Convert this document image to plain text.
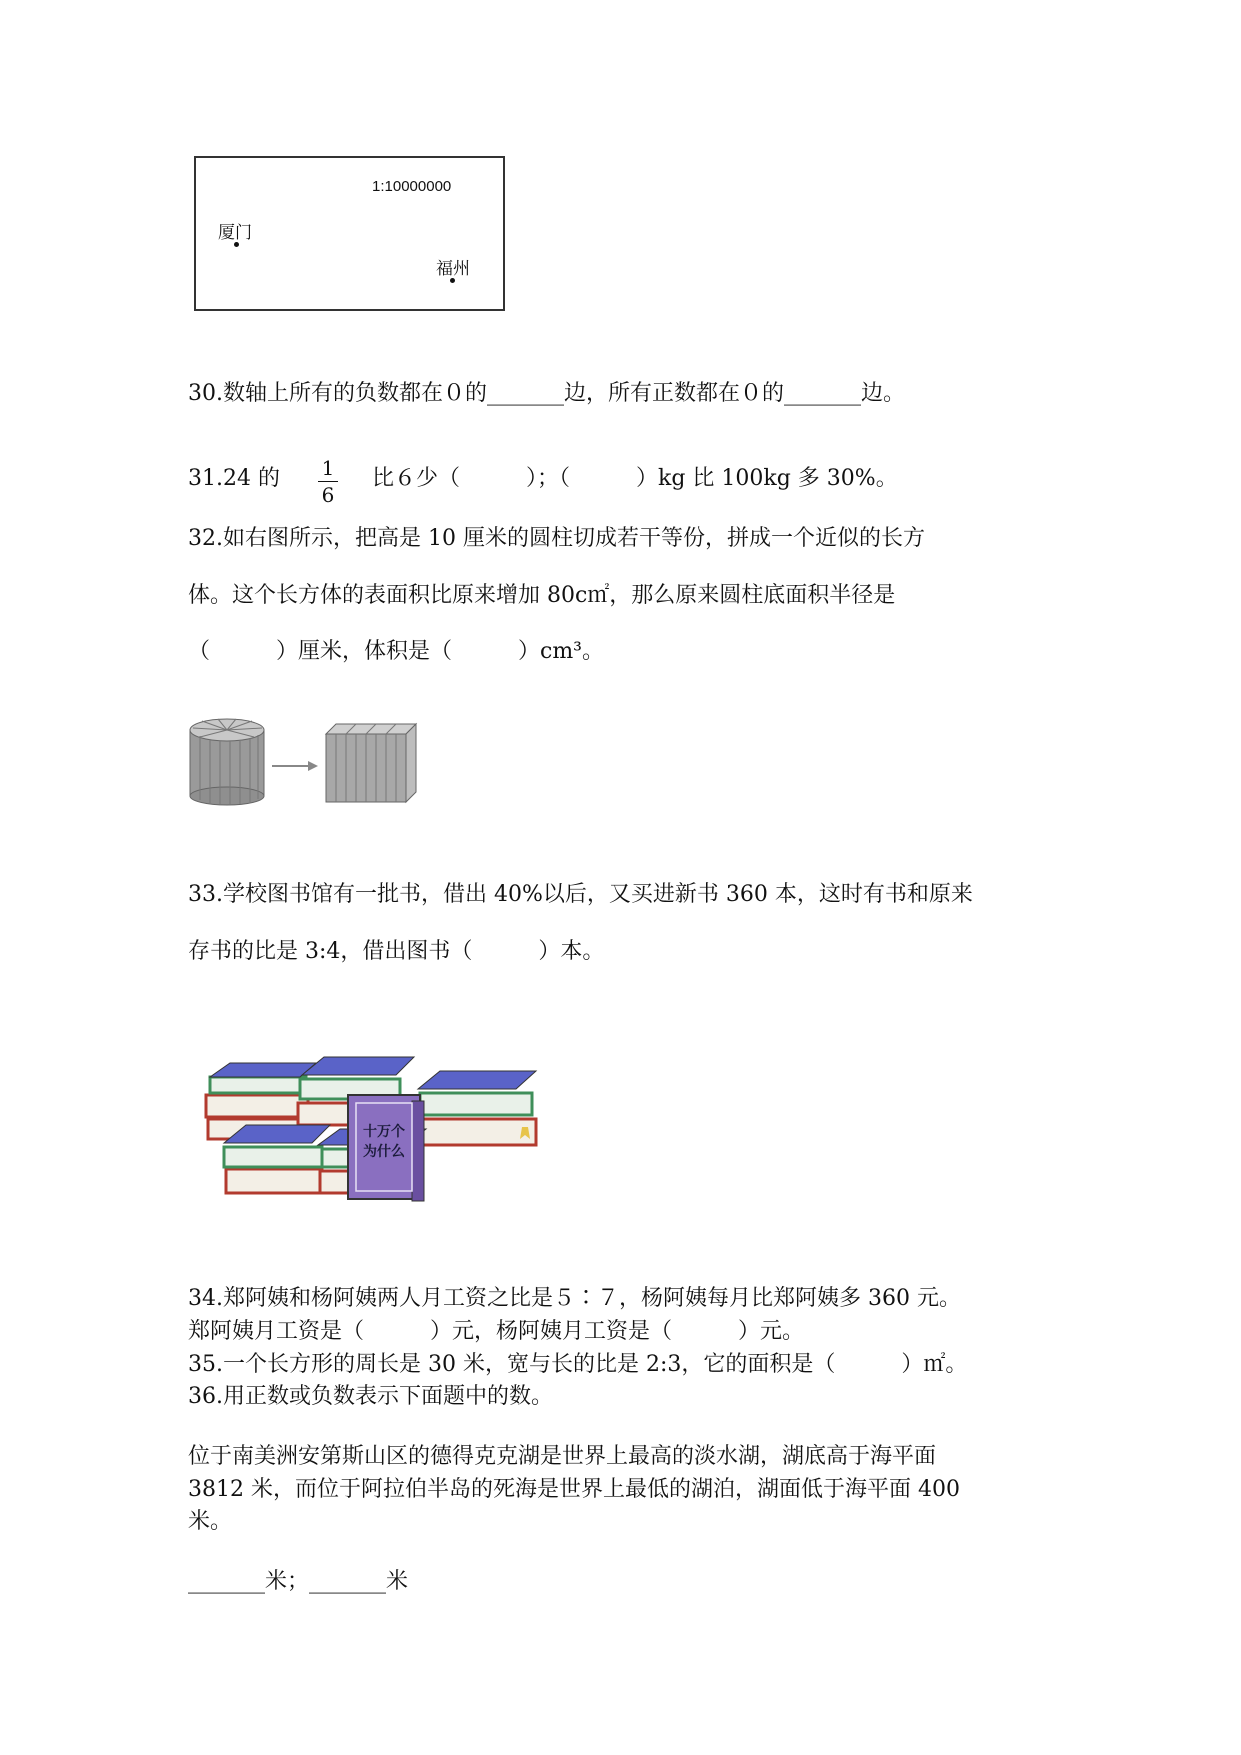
1:10000000
厦门
福州
30.数轴上所有的负数都在０的_______边，所有正数都在０的_______边。
31.24 的 1
6
比６少（　　　）；（　　　）kg 比 100kg 多 30%。
32.如右图所示，把高是 10 厘米的圆柱切成若干等份，拼成一个近似的长方
体。这个长方体的表面积比原来增加 80c㎡，那么原来圆柱底面积半径是
（　　　）厘米，体积是（　　　）cm³。
33.学校图书馆有一批书，借出 40%以后，又买进新书 360 本，这时有书和原来
存书的比是 3:4，借出图书（　　　）本。
十万个
为什么
34.郑阿姨和杨阿姨两人月工资之比是５∶７，杨阿姨每月比郑阿姨多 360 元。
郑阿姨月工资是（　　　）元，杨阿姨月工资是（　　　）元。
35.一个长方形的周长是 30 米，宽与长的比是 2:3，它的面积是（　　　）㎡。
36.用正数或负数表示下面题中的数。
位于南美洲安第斯山区的德得克克湖是世界上最高的淡水湖，湖底高于海平面
3812 米，而位于阿拉伯半岛的死海是世界上最低的湖泊，湖面低于海平面 400
米。
_______米；_______米
